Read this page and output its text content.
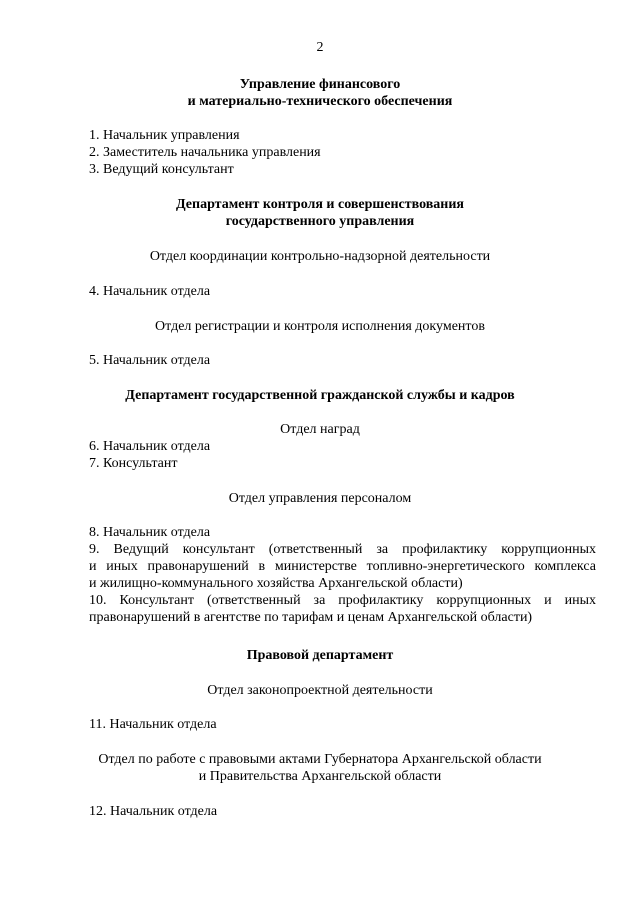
2
Управление финансового
и материально-технического обеспечения
1. Начальник управления
2. Заместитель начальника управления
3. Ведущий консультант
Департамент контроля и совершенствования
государственного управления
Отдел координации контрольно-надзорной деятельности
4. Начальник отдела
Отдел регистрации и контроля исполнения документов
5. Начальник отдела
Департамент государственной гражданской службы и кадров
Отдел наград
6. Начальник отдела
7. Консультант
Отдел управления персоналом
8. Начальник отдела
9. Ведущий консультант (ответственный за профилактику коррупционных
и иных правонарушений в министерстве топливно-энергетического комплекса
и жилищно-коммунального хозяйства Архангельской области)
10. Консультант (ответственный за профилактику коррупционных и иных
правонарушений в агентстве по тарифам и ценам Архангельской области)
Правовой департамент
Отдел законопроектной деятельности
11. Начальник отдела
Отдел по работе с правовыми актами Губернатора Архангельской области
и Правительства Архангельской области
12. Начальник отдела
